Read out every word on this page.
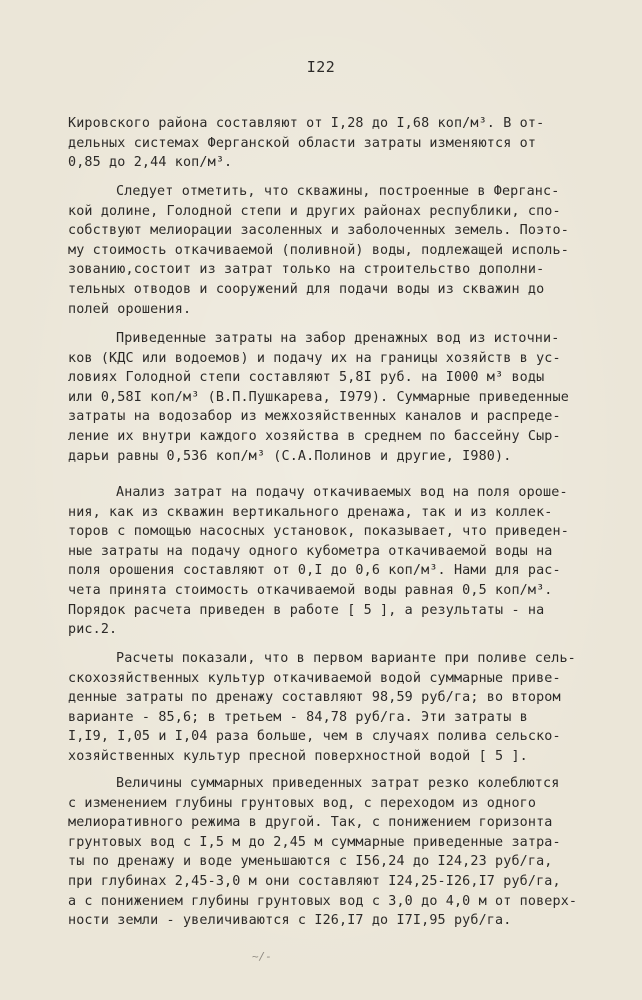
I22
Кировского района составляют от I,28 до I,68 коп/м³. В от-
дельных системах Ферганской области затраты изменяются от
0,85 до 2,44 коп/м³.
Следует отметить, что скважины, построенные в Ферганс-
кой долине, Голодной степи и других районах республики, спо-
собствуют мелиорации засоленных и заболоченных земель. Поэто-
му стоимость откачиваемой (поливной) воды, подлежащей исполь-
зованию,состоит из затрат только на строительство дополни-
тельных отводов и сооружений для подачи воды из скважин до
полей орошения.
Приведенные затраты на забор дренажных вод из источни-
ков (КДС или водоемов) и подачу их на границы хозяйств в ус-
ловиях Голодной степи составляют 5,8I руб. на I000 м³ воды
или 0,58I коп/м³ (В.П.Пушкарева, I979). Суммарные приведенные
затраты на водозабор из межхозяйственных каналов и распреде-
ление их внутри каждого хозяйства в среднем по бассейну Сыр-
дарьи равны 0,536 коп/м³ (С.А.Полинов и другие, I980).
Анализ затрат на подачу откачиваемых вод на поля ороше-
ния, как из скважин вертикального дренажа, так и из коллек-
торов с помощью насосных установок, показывает, что приведен-
ные затраты на подачу одного кубометра откачиваемой воды на
поля орошения составляют от 0,I до 0,6 коп/м³. Нами для рас-
чета принята стоимость откачиваемой воды равная 0,5 коп/м³.
Порядок расчета приведен в работе [ 5 ], а результаты - на
рис.2.
Расчеты показали, что в первом варианте при поливе сель-
скохозяйственных культур откачиваемой водой суммарные приве-
денные затраты по дренажу составляют 98,59 руб/га; во втором
варианте - 85,6; в третьем - 84,78 руб/га. Эти затраты в
I,I9, I,05 и I,04 раза больше, чем в случаях полива сельско-
хозяйственных культур пресной поверхностной водой [ 5 ].
Величины суммарных приведенных затрат резко колеблются
с изменением глубины грунтовых вод, с переходом из одного
мелиоративного режима в другой. Так, с понижением горизонта
грунтовых вод с I,5 м до 2,45 м суммарные приведенные затра-
ты по дренажу и воде уменьшаются с I56,24 до I24,23 руб/га,
при глубинах 2,45-3,0 м они составляют I24,25-I26,I7 руб/га,
а с понижением глубины грунтовых вод с 3,0 до 4,0 м от поверх-
ности земли - увеличиваются с I26,I7 до I7I,95 руб/га.
~/-
